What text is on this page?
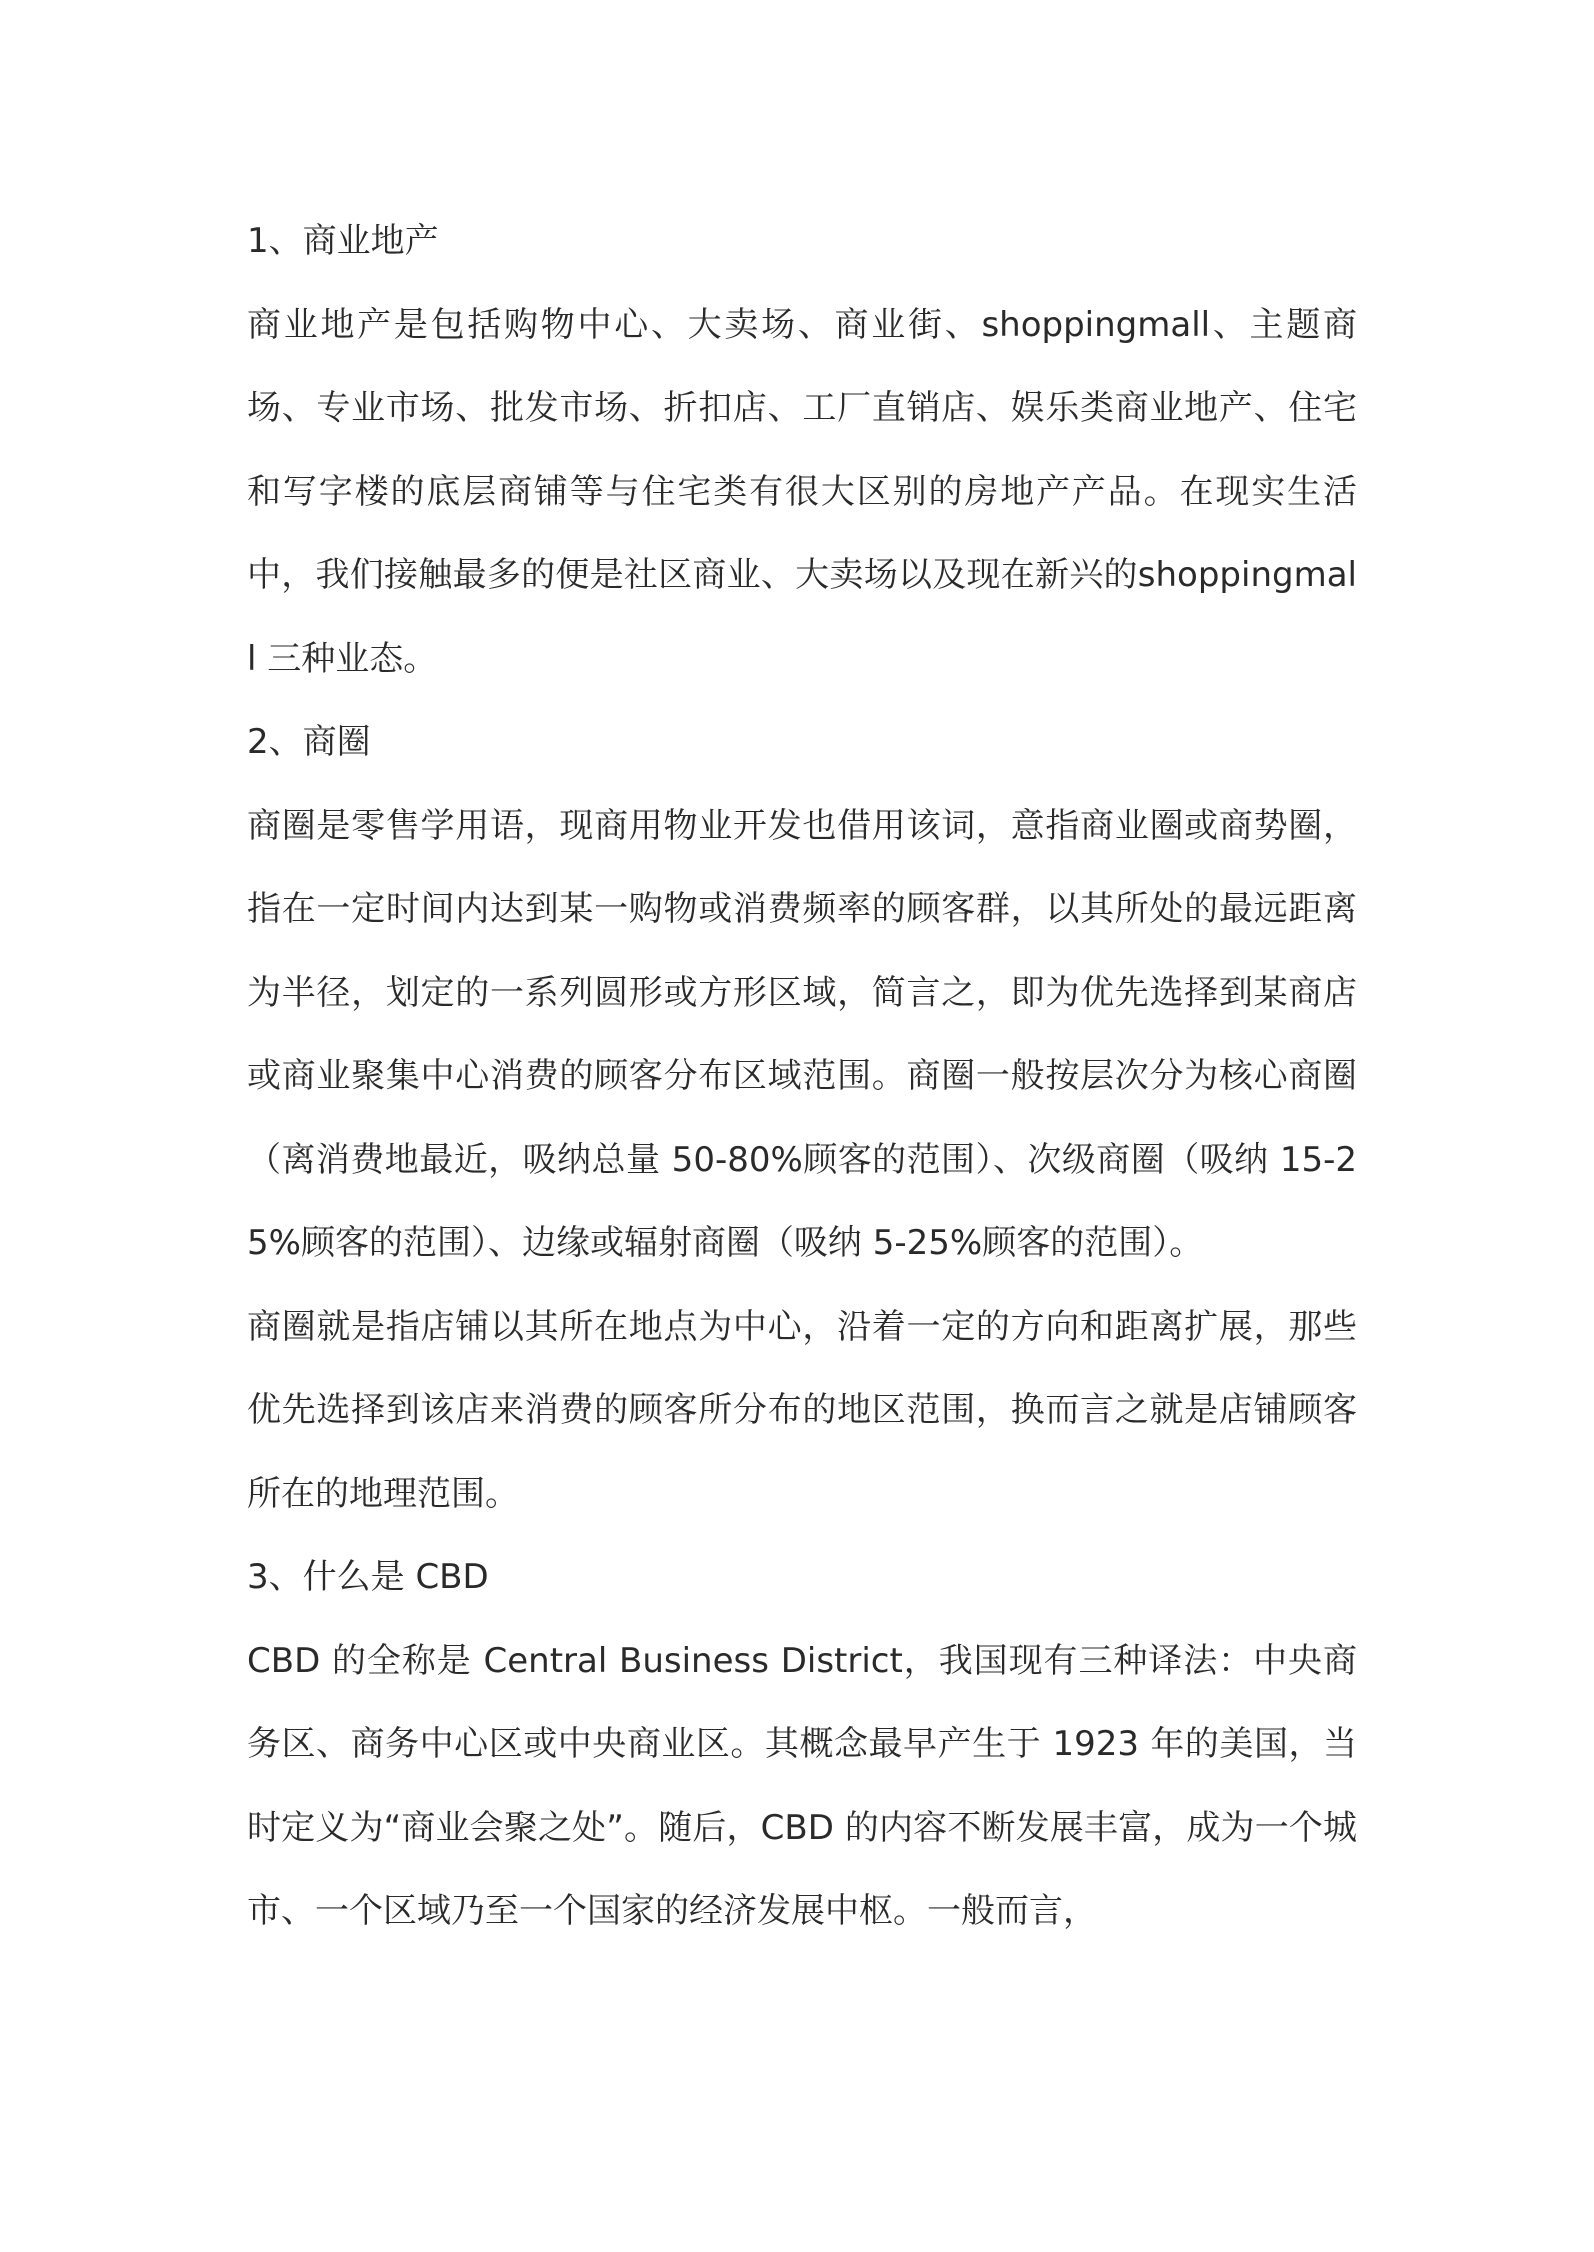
1、商业地产

商业地产是包括购物中心、大卖场、商业街、shoppingmall、主题商场、专业市场、批发市场、折扣店、工厂直销店、娱乐类商业地产、住宅和写字楼的底层商铺等与住宅类有很大区别的房地产产品。在现实生活中，我们接触最多的便是社区商业、大卖场以及现在新兴的shoppingmall 三种业态。

2、商圈

商圈是零售学用语，现商用物业开发也借用该词，意指商业圈或商势圈，指在一定时间内达到某一购物或消费频率的顾客群，以其所处的最远距离为半径，划定的一系列圆形或方形区域，简言之，即为优先选择到某商店或商业聚集中心消费的顾客分布区域范围。商圈一般按层次分为核心商圈（离消费地最近，吸纳总量 50-80%顾客的范围）、次级商圈（吸纳 15-25%顾客的范围）、边缘或辐射商圈（吸纳 5-25%顾客的范围）。

商圈就是指店铺以其所在地点为中心，沿着一定的方向和距离扩展，那些优先选择到该店来消费的顾客所分布的地区范围，换而言之就是店铺顾客所在的地理范围。

3、什么是 CBD

CBD 的全称是 Central Business District，我国现有三种译法：中央商务区、商务中心区或中央商业区。其概念最早产生于 1923 年的美国，当时定义为“商业会聚之处”。随后，CBD 的内容不断发展丰富，成为一个城市、一个区域乃至一个国家的经济发展中枢。一般而言，
